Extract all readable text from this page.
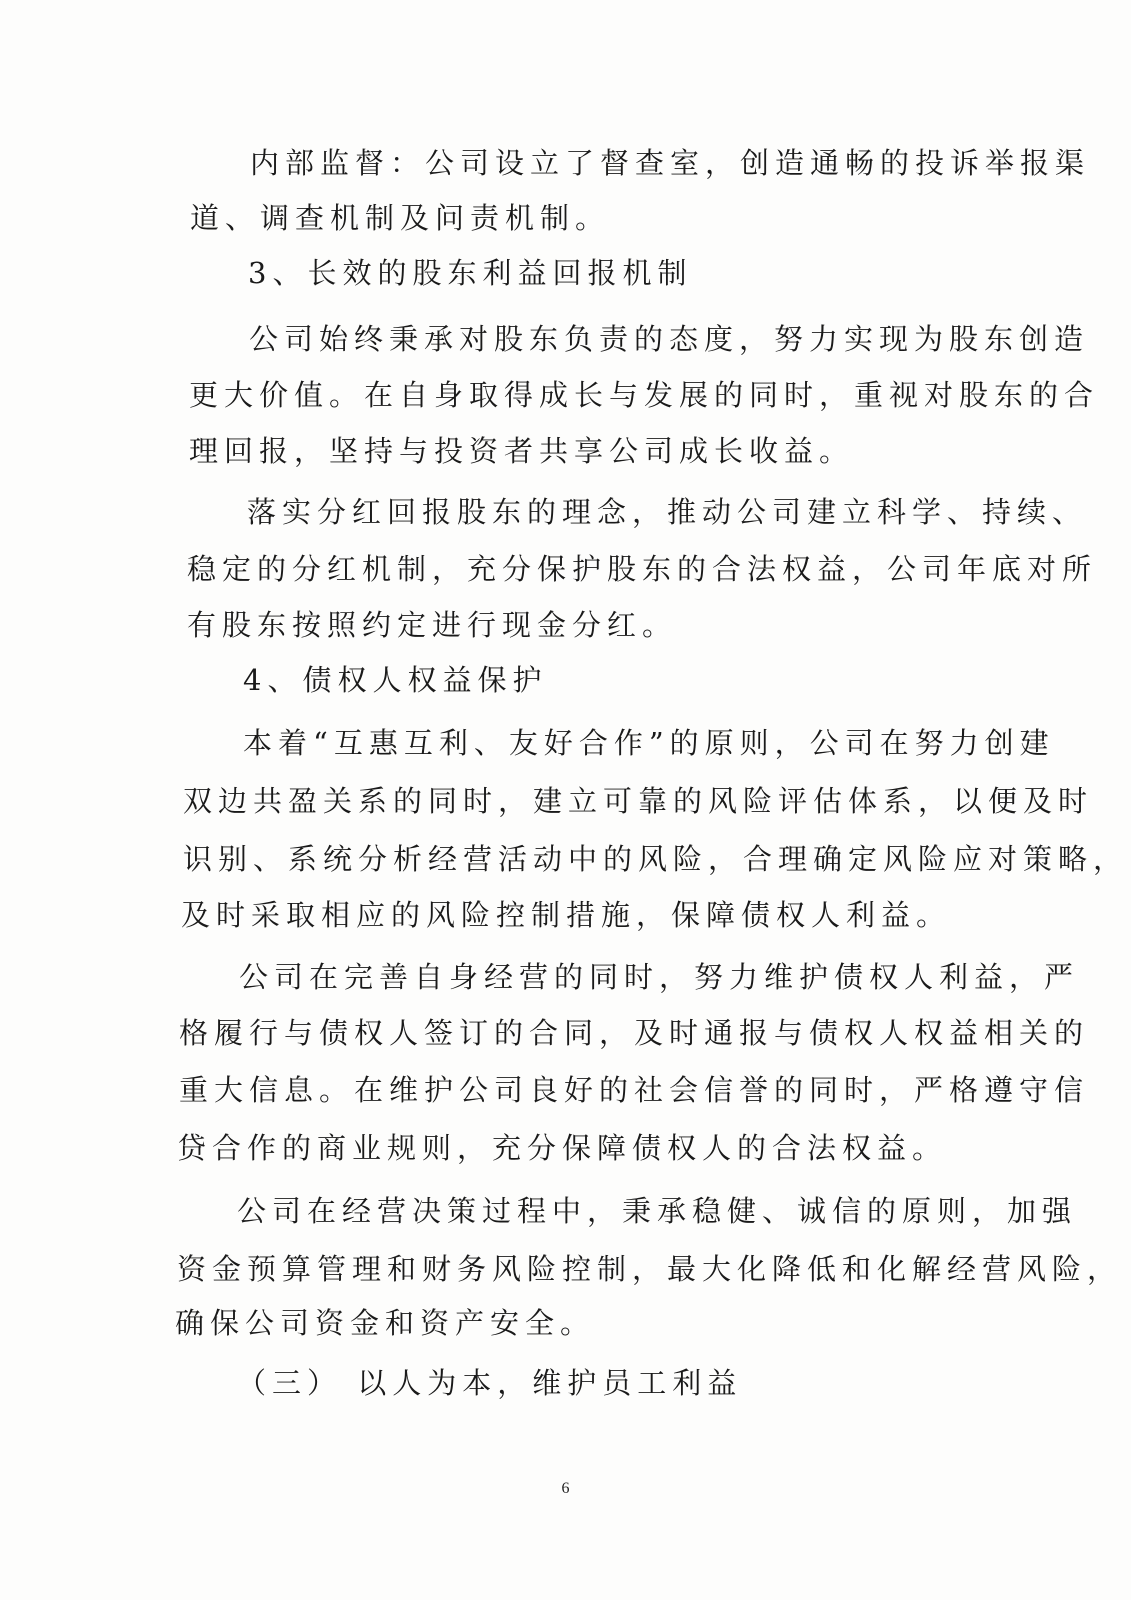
内部监督：公司设立了督查室，创造通畅的投诉举报渠
道、调查机制及问责机制。
3、长效的股东利益回报机制
公司始终秉承对股东负责的态度，努力实现为股东创造
更大价值。在自身取得成长与发展的同时，重视对股东的合
理回报，坚持与投资者共享公司成长收益。
落实分红回报股东的理念，推动公司建立科学、持续、
稳定的分红机制，充分保护股东的合法权益，公司年底对所
有股东按照约定进行现金分红。
4、债权人权益保护
本着“互惠互利、友好合作”的原则，公司在努力创建
双边共盈关系的同时，建立可靠的风险评估体系，以便及时
识别、系统分析经营活动中的风险，合理确定风险应对策略，
及时采取相应的风险控制措施，保障债权人利益。
公司在完善自身经营的同时，努力维护债权人利益，严
格履行与债权人签订的合同，及时通报与债权人权益相关的
重大信息。在维护公司良好的社会信誉的同时，严格遵守信
贷合作的商业规则，充分保障债权人的合法权益。
公司在经营决策过程中，秉承稳健、诚信的原则，加强
资金预算管理和财务风险控制，最大化降低和化解经营风险，
确保公司资金和资产安全。
（三） 以人为本，维护员工利益
6
